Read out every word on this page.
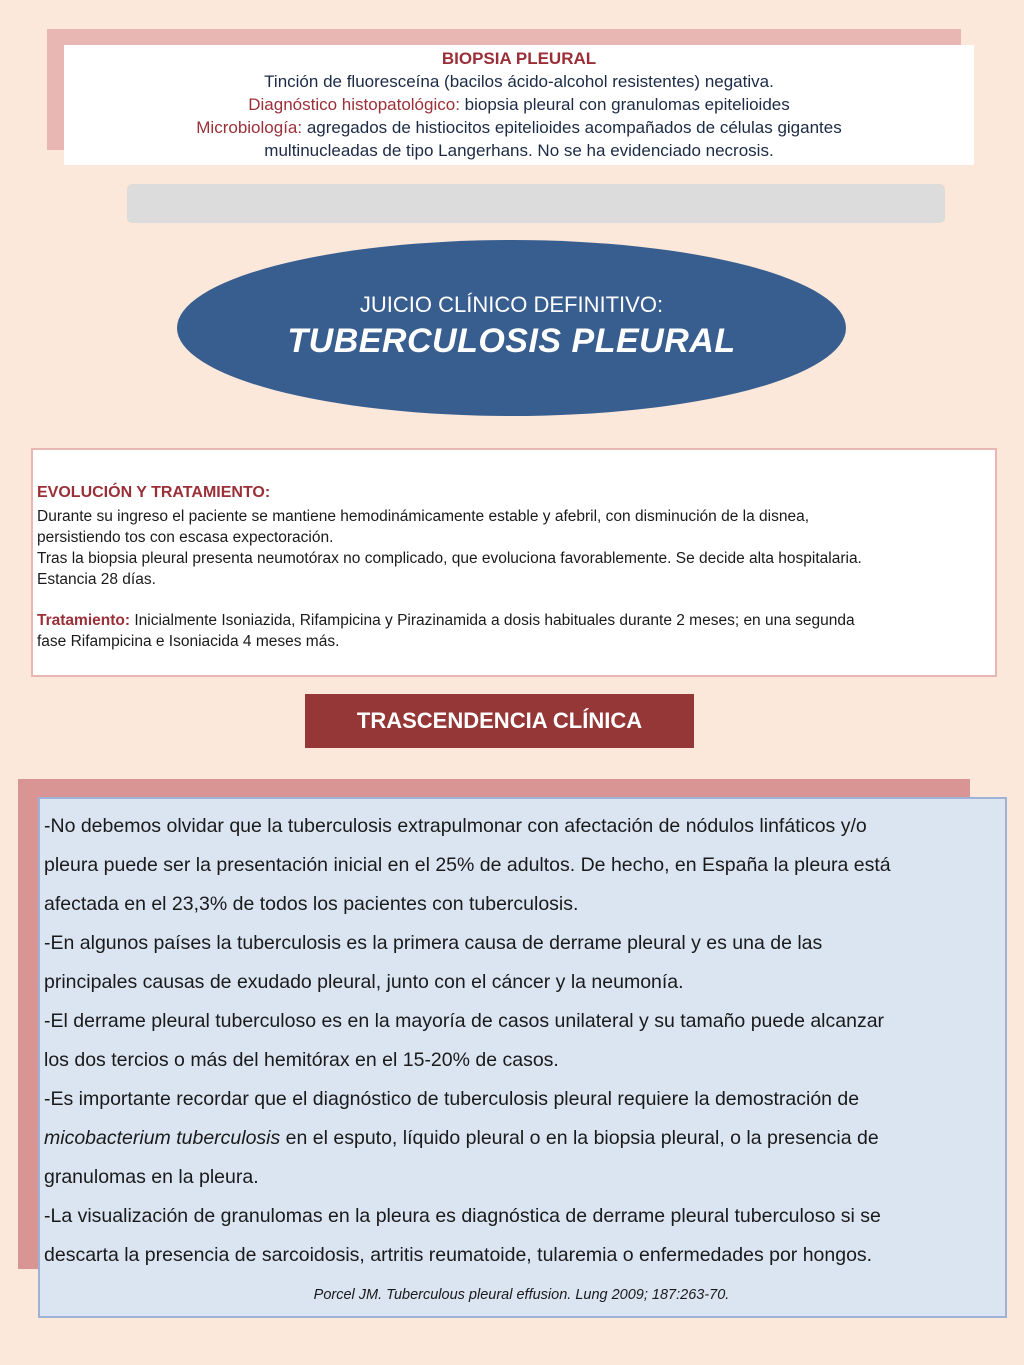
BIOPSIA PLEURAL
Tinción de fluoresceína (bacilos ácido-alcohol resistentes) negativa.
Diagnóstico histopatológico: biopsia pleural con granulomas epitelioides
Microbiología: agregados de histiocitos epitelioides acompañados de células gigantes
multinucleadas de tipo Langerhans. No se ha evidenciado necrosis.
JUICIO CLÍNICO DEFINITIVO:
TUBERCULOSIS PLEURAL
EVOLUCIÓN Y TRATAMIENTO:
Durante su ingreso el paciente se mantiene hemodinámicamente estable y afebril, con disminución de la disnea,
persistiendo tos con escasa expectoración.
Tras la biopsia pleural presenta neumotórax no complicado, que evoluciona favorablemente. Se decide alta hospitalaria.
Estancia 28 días.
Tratamiento: Inicialmente Isoniazida, Rifampicina y Pirazinamida a dosis habituales durante 2 meses; en una segunda
fase Rifampicina e Isoniacida 4 meses más.
TRASCENDENCIA CLÍNICA
-No debemos olvidar que la tuberculosis extrapulmonar con afectación de nódulos linfáticos y/o
pleura puede ser la presentación inicial en el 25% de adultos. De hecho, en España la pleura está
afectada en el 23,3% de todos los pacientes con tuberculosis.
-En algunos países la tuberculosis es la primera causa de derrame pleural y es una de las
principales causas de exudado pleural, junto con el cáncer y la neumonía.
-El derrame pleural tuberculoso es en la mayoría de casos unilateral y su tamaño puede alcanzar
los dos tercios o más del hemitórax en el 15-20% de casos.
-Es importante recordar que el diagnóstico de tuberculosis pleural requiere la demostración de
micobacterium tuberculosis en el esputo, líquido pleural o en la biopsia pleural, o la presencia de
granulomas en la pleura.
-La visualización de granulomas en la pleura es diagnóstica de derrame pleural tuberculoso si se
descarta la presencia de sarcoidosis, artritis reumatoide, tularemia o enfermedades por hongos.
Porcel JM. Tuberculous pleural effusion. Lung 2009; 187:263-70.
